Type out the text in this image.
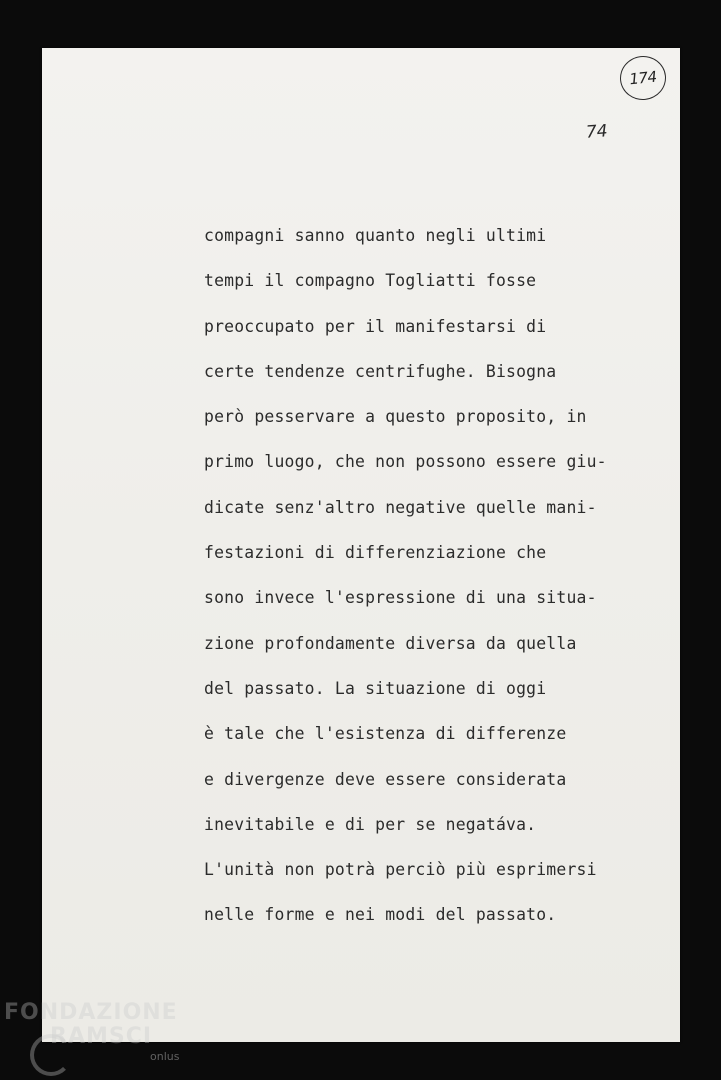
174
74
compagni sanno quanto negli ultimi
tempi il compagno Togliatti fosse
preoccupato per il manifestarsi di
certe tendenze centrifughe. Bisogna
però pesservare a questo proposito, in
primo luogo, che non possono essere giu-
dicate senz'altro negative quelle mani-
festazioni di differenziazione che
sono invece l'espressione di una situa-
zione profondamente diversa da quella
del passato. La situazione di oggi
è tale che l'esistenza di differenze
e divergenze deve essere considerata
inevitabile e di per se negatáva.
L'unità non potrà perciò più esprimersi
nelle forme e nei modi del passato.
FONDAZIONE
RAMSCI
onlus
